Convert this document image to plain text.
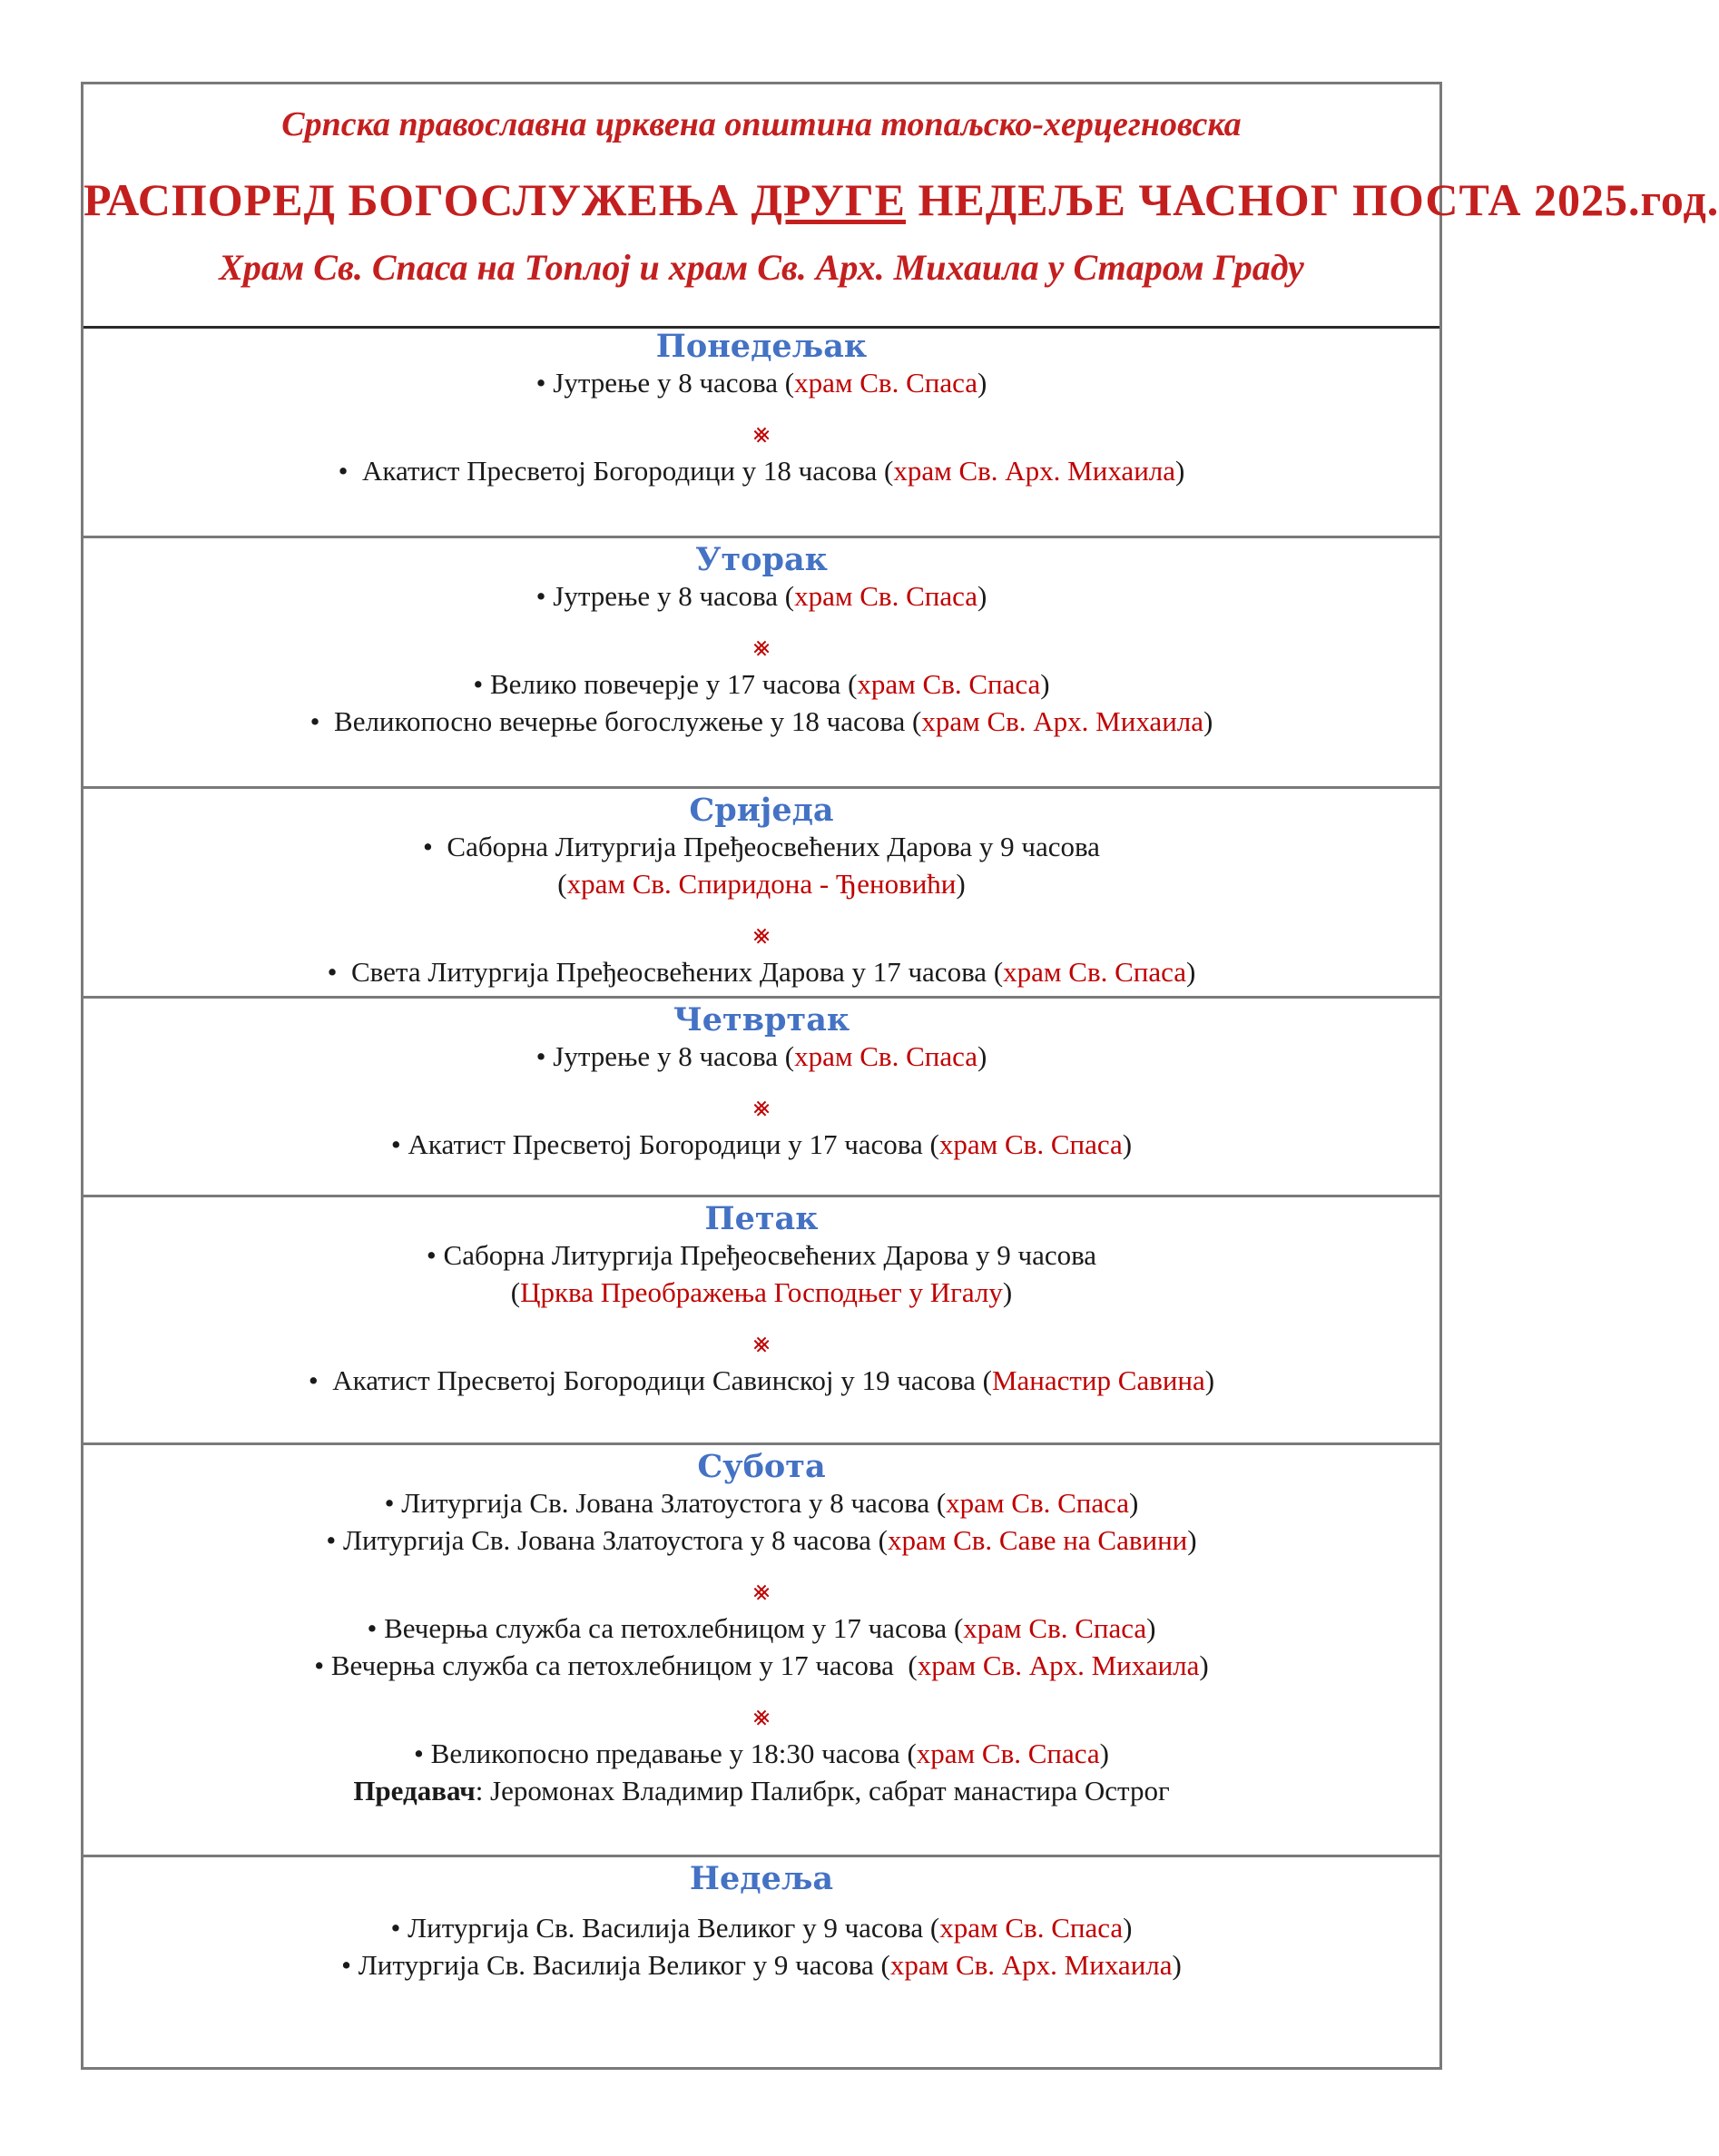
Српска православна црквена општина топаљско-херцегновска
РАСПОРЕД БОГОСЛУЖЕЊА ДРУГЕ НЕДЕЉЕ ЧАСНОГ ПОСТА 2025.год.
Храм Св. Спаса на Топлој и храм Св. Арх. Михаила у Старом Граду
Понедељак
• Јутрење у 8 часова (храм Св. Спаса)
⨳
• Акатист Пресветој Богородици у 18 часова (храм Св. Арх. Михаила)
Уторак
• Јутрење у 8 часова (храм Св. Спаса)
⨳
• Велико повечерје у 17 часова (храм Св. Спаса)
• Великопосно вечерње богослужење у 18 часова (храм Св. Арх. Михаила)
Сриједа
• Саборна Литургија Пређеосвећених Дарова у 9 часова
(храм Св. Спиридона - Ђеновићи)
⨳
• Света Литургија Пређеосвећених Дарова у 17 часова (храм Св. Спаса)
Четвртак
• Јутрење у 8 часова (храм Св. Спаса)
⨳
• Акатист Пресветој Богородици у 17 часова (храм Св. Спаса)
Петак
• Саборна Литургија Пређеосвећених Дарова у 9 часова
(Црква Преображења Господњег у Игалу)
⨳
• Акатист Пресветој Богородици Савинској у 19 часова (Манастир Савина)
Субота
• Литургија Св. Јована Златоустога у 8 часова (храм Св. Спаса)
• Литургија Св. Јована Златоустога у 8 часова (храм Св. Саве на Савини)
⨳
• Вечерња служба са петохлебницом у 17 часова (храм Св. Спаса)
• Вечерња служба са петохлебницом у 17 часова  (храм Св. Арх. Михаила)
⨳
• Великопосно предавање у 18:30 часова (храм Св. Спаса)
Предавач: Јеромонах Владимир Палибрк, сабрат манастира Острог
Недеља
• Литургија Св. Василија Великог у 9 часова (храм Св. Спаса)
• Литургија Св. Василија Великог у 9 часова (храм Св. Арх. Михаила)
